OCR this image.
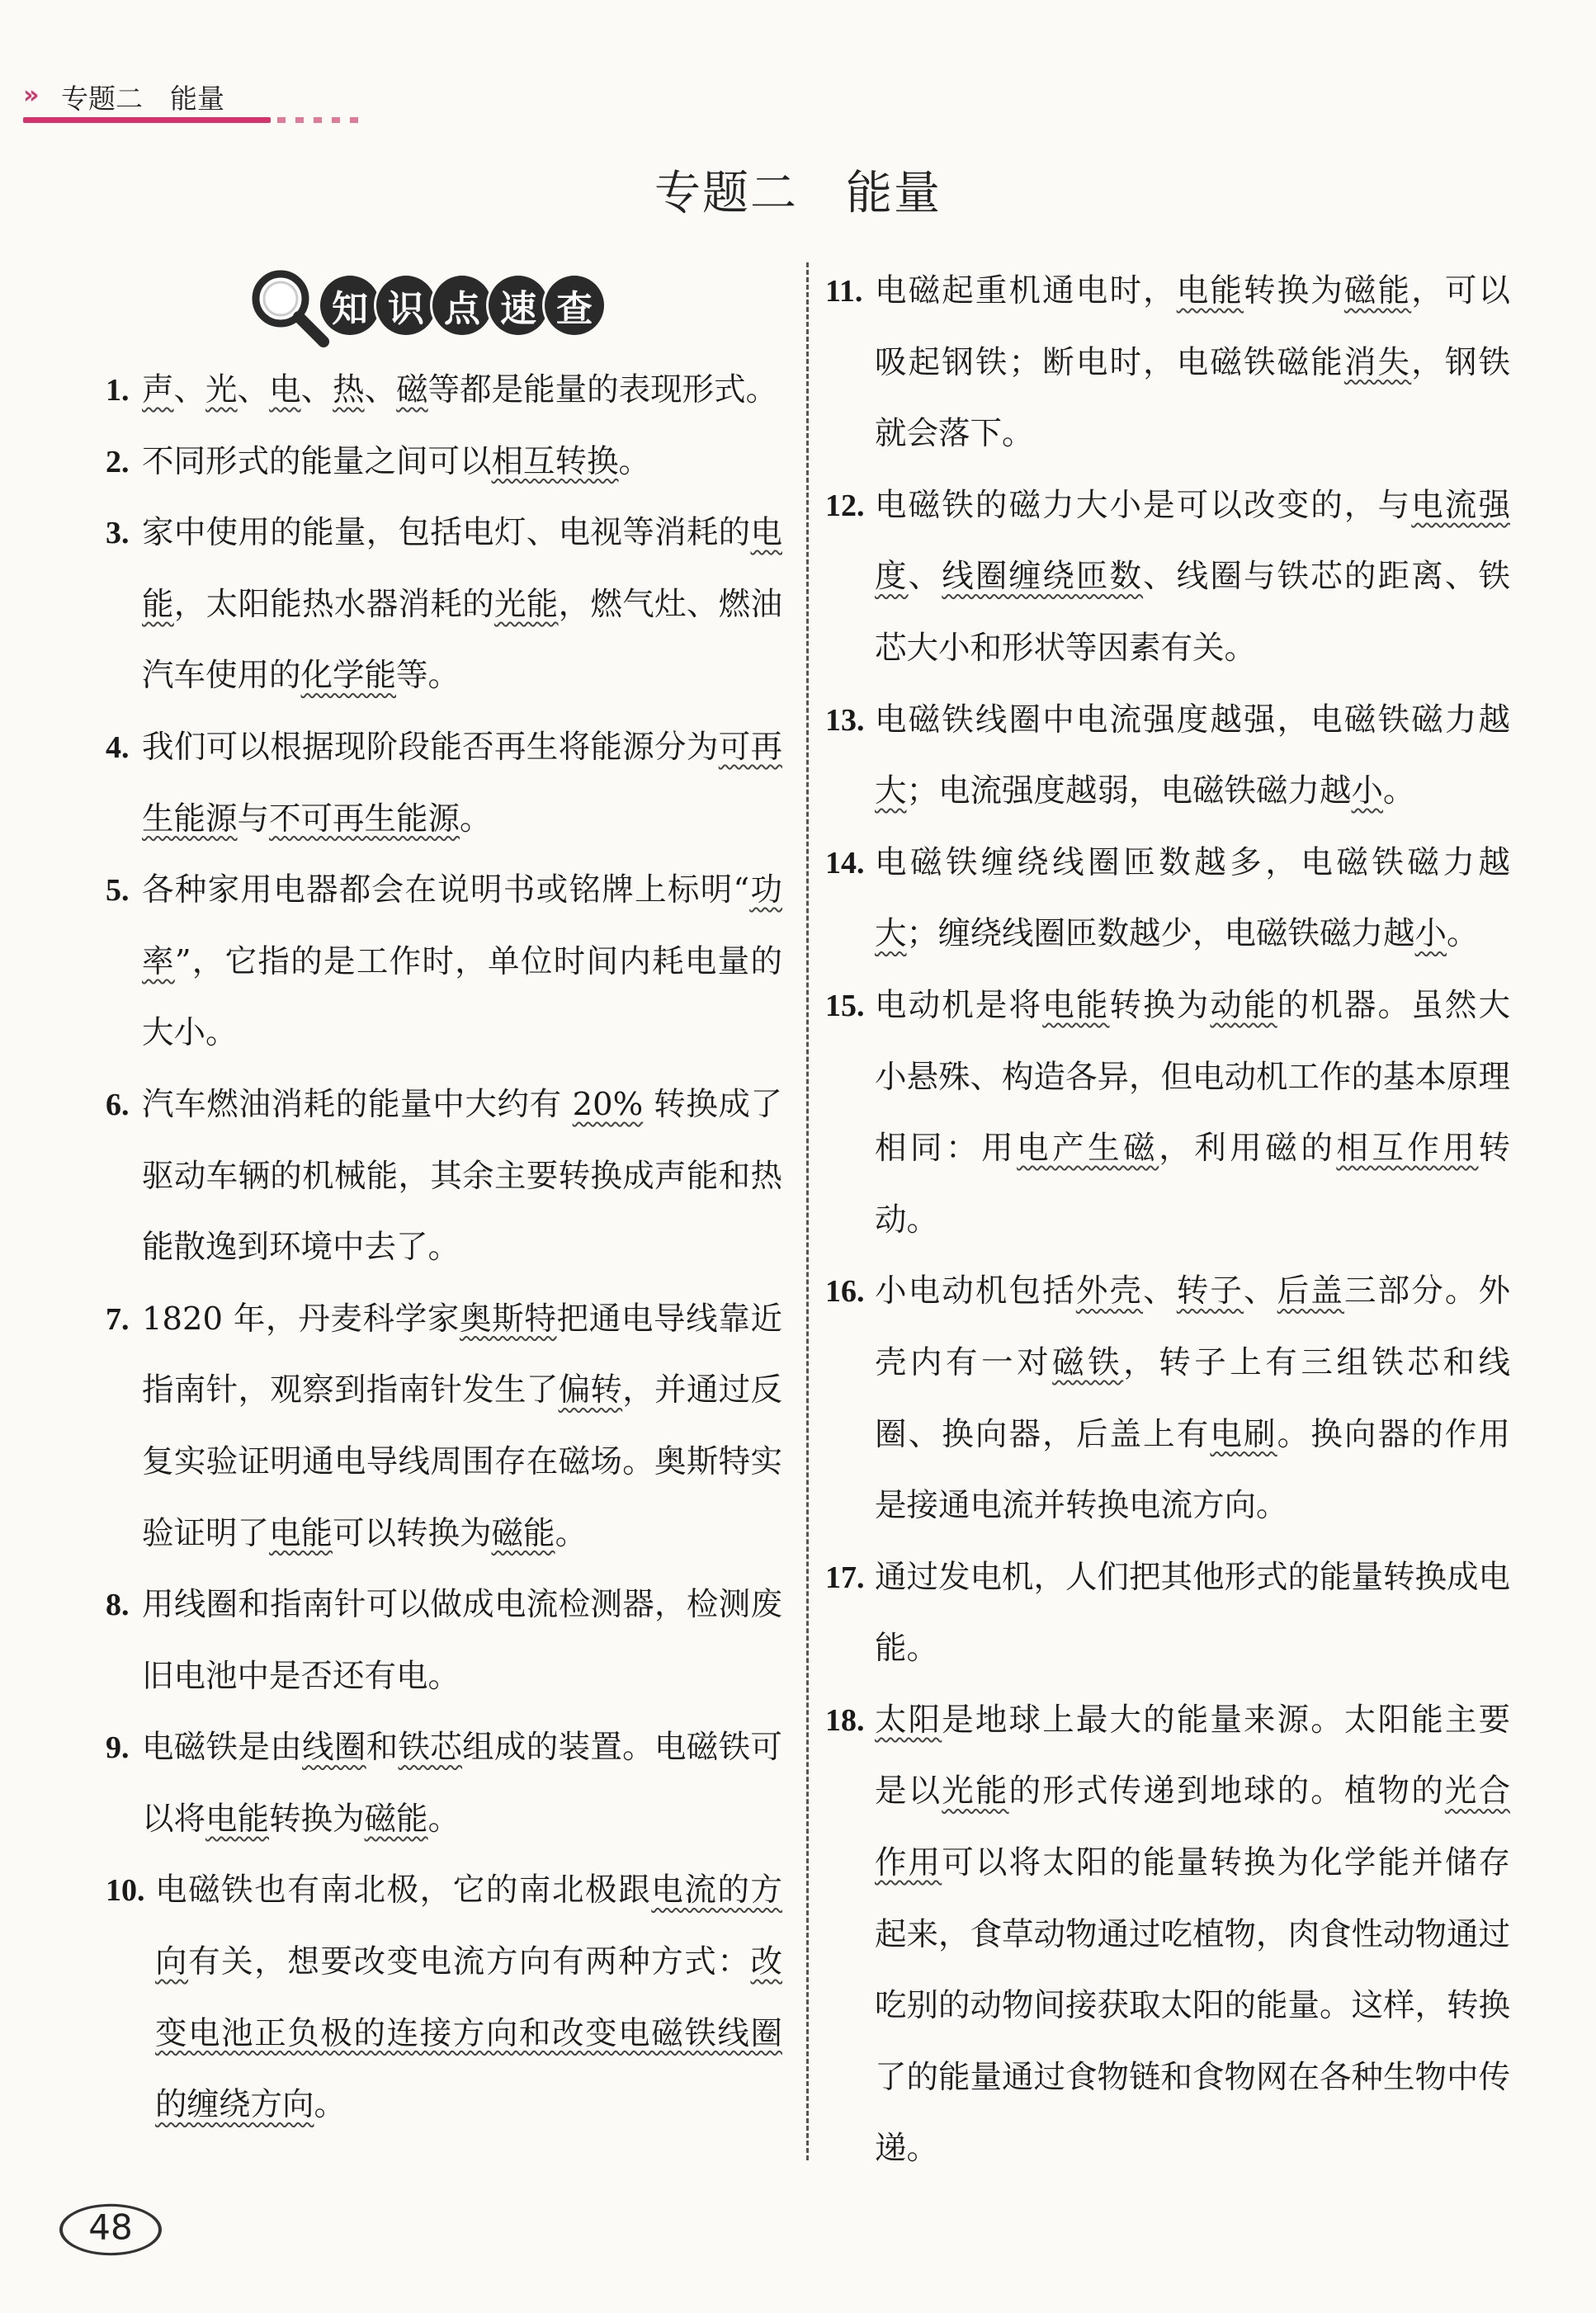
» 专题二　能量
专题二　能量
知 识 点 速 查
1. 声、光、电、热、磁等都是能量的表现形式。
2. 不同形式的能量之间可以相互转换。
3. 家中使用的能量，包括电灯、电视等消耗的电能，太阳能热水器消耗的光能，燃气灶、燃油汽车使用的化学能等。
4. 我们可以根据现阶段能否再生将能源分为可再生能源与不可再生能源。
5. 各种家用电器都会在说明书或铭牌上标明“功率”，它指的是工作时，单位时间内耗电量的大小。
6. 汽车燃油消耗的能量中大约有 20% 转换成了驱动车辆的机械能，其余主要转换成声能和热能散逸到环境中去了。
7. 1820 年，丹麦科学家奥斯特把通电导线靠近指南针，观察到指南针发生了偏转，并通过反复实验证明通电导线周围存在磁场。奥斯特实验证明了电能可以转换为磁能。
8. 用线圈和指南针可以做成电流检测器，检测废旧电池中是否还有电。
9. 电磁铁是由线圈和铁芯组成的装置。电磁铁可以将电能转换为磁能。
10. 电磁铁也有南北极，它的南北极跟电流的方向有关，想要改变电流方向有两种方式：改变电池正负极的连接方向和改变电磁铁线圈的缠绕方向。
11. 电磁起重机通电时，电能转换为磁能，可以吸起钢铁；断电时，电磁铁磁能消失，钢铁就会落下。
12. 电磁铁的磁力大小是可以改变的，与电流强度、线圈缠绕匝数、线圈与铁芯的距离、铁芯大小和形状等因素有关。
13. 电磁铁线圈中电流强度越强，电磁铁磁力越大；电流强度越弱，电磁铁磁力越小。
14. 电磁铁缠绕线圈匝数越多，电磁铁磁力越大；缠绕线圈匝数越少，电磁铁磁力越小。
15. 电动机是将电能转换为动能的机器。虽然大小悬殊、构造各异，但电动机工作的基本原理相同：用电产生磁，利用磁的相互作用转动。
16. 小电动机包括外壳、转子、后盖三部分。外壳内有一对磁铁，转子上有三组铁芯和线圈、换向器，后盖上有电刷。换向器的作用是接通电流并转换电流方向。
17. 通过发电机，人们把其他形式的能量转换成电能。
18. 太阳是地球上最大的能量来源。太阳能主要是以光能的形式传递到地球的。植物的光合作用可以将太阳的能量转换为化学能并储存起来，食草动物通过吃植物，肉食性动物通过吃别的动物间接获取太阳的能量。这样，转换了的能量通过食物链和食物网在各种生物中传递。
48
